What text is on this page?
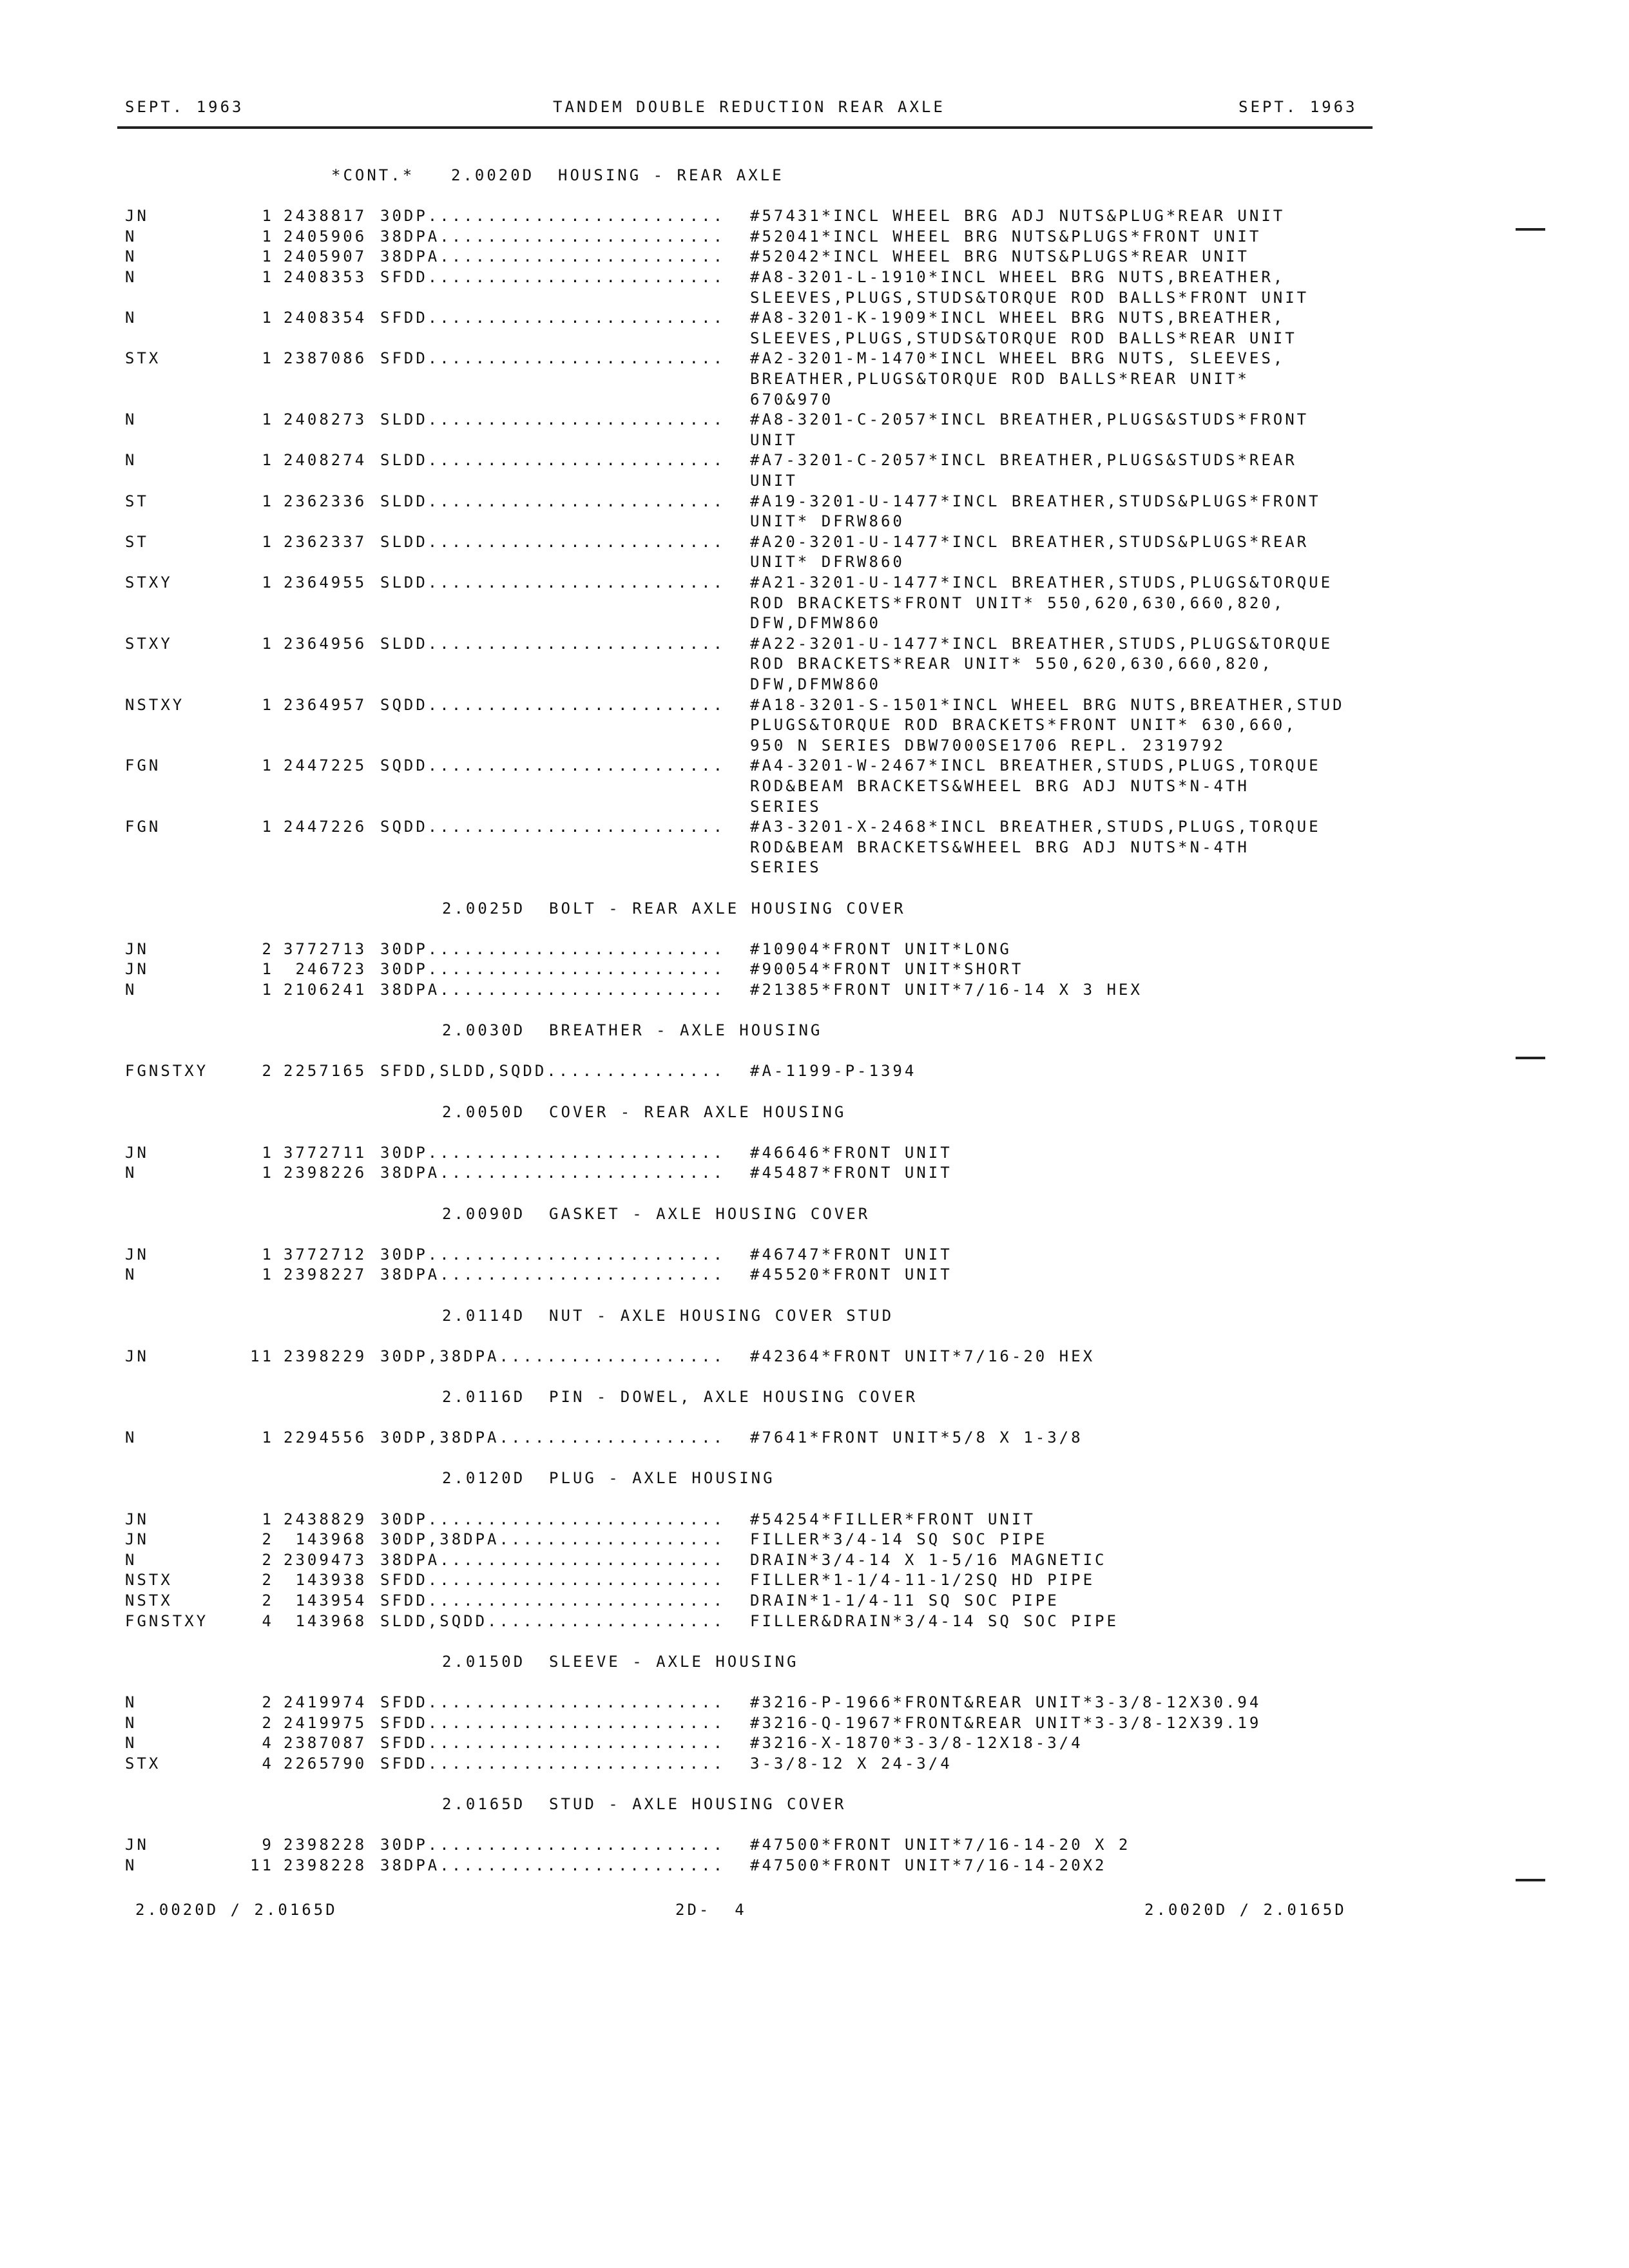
SEPT. 1963	TANDEM DOUBLE REDUCTION REAR AXLE	SEPT. 1963
*CONT.* 2.0020D  HOUSING - REAR AXLE
JN	1 2438817 30DP......................... #57431*INCL WHEEL BRG ADJ NUTS&PLUG*REAR UNIT
N	1 2405906 38DPA........................ #52041*INCL WHEEL BRG NUTS&PLUGS*FRONT UNIT
N	1 2405907 38DPA........................ #52042*INCL WHEEL BRG NUTS&PLUGS*REAR UNIT
N	1 2408353 SFDD......................... #A8-3201-L-1910*INCL WHEEL BRG NUTS,BREATHER,
SLEEVES,PLUGS,STUDS&TORQUE ROD BALLS*FRONT UNIT
N	1 2408354 SFDD......................... #A8-3201-K-1909*INCL WHEEL BRG NUTS,BREATHER,
SLEEVES,PLUGS,STUDS&TORQUE ROD BALLS*REAR UNIT
STX	1 2387086 SFDD......................... #A2-3201-M-1470*INCL WHEEL BRG NUTS, SLEEVES,
BREATHER,PLUGS&TORQUE ROD BALLS*REAR UNIT*
670&970
N	1 2408273 SLDD......................... #A8-3201-C-2057*INCL BREATHER,PLUGS&STUDS*FRONT
UNIT
N	1 2408274 SLDD......................... #A7-3201-C-2057*INCL BREATHER,PLUGS&STUDS*REAR
UNIT
ST	1 2362336 SLDD......................... #A19-3201-U-1477*INCL BREATHER,STUDS&PLUGS*FRONT
UNIT* DFRW860
ST	1 2362337 SLDD......................... #A20-3201-U-1477*INCL BREATHER,STUDS&PLUGS*REAR
UNIT* DFRW860
STXY	1 2364955 SLDD......................... #A21-3201-U-1477*INCL BREATHER,STUDS,PLUGS&TORQUE
ROD BRACKETS*FRONT UNIT* 550,620,630,660,820,
DFW,DFMW860
STXY	1 2364956 SLDD......................... #A22-3201-U-1477*INCL BREATHER,STUDS,PLUGS&TORQUE
ROD BRACKETS*REAR UNIT* 550,620,630,660,820,
DFW,DFMW860
NSTXY	1 2364957 SQDD......................... #A18-3201-S-1501*INCL WHEEL BRG NUTS,BREATHER,STUD
PLUGS&TORQUE ROD BRACKETS*FRONT UNIT* 630,660,
950 N SERIES DBW7000SE1706 REPL. 2319792
FGN	1 2447225 SQDD......................... #A4-3201-W-2467*INCL BREATHER,STUDS,PLUGS,TORQUE
ROD&BEAM BRACKETS&WHEEL BRG ADJ NUTS*N-4TH
SERIES
FGN	1 2447226 SQDD......................... #A3-3201-X-2468*INCL BREATHER,STUDS,PLUGS,TORQUE
ROD&BEAM BRACKETS&WHEEL BRG ADJ NUTS*N-4TH
SERIES
2.0025D  BOLT - REAR AXLE HOUSING COVER
JN	2 3772713 30DP......................... #10904*FRONT UNIT*LONG
JN	1 246723 30DP......................... #90054*FRONT UNIT*SHORT
N	1 2106241 38DPA........................ #21385*FRONT UNIT*7/16-14 X 3 HEX
2.0030D  BREATHER - AXLE HOUSING
FGNSTXY	2 2257165 SFDD,SLDD,SQDD............... #A-1199-P-1394
2.0050D  COVER - REAR AXLE HOUSING
JN	1 3772711 30DP......................... #46646*FRONT UNIT
N	1 2398226 38DPA........................ #45487*FRONT UNIT
2.0090D  GASKET - AXLE HOUSING COVER
JN	1 3772712 30DP......................... #46747*FRONT UNIT
N	1 2398227 38DPA........................ #45520*FRONT UNIT
2.0114D  NUT - AXLE HOUSING COVER STUD
JN	11 2398229 30DP,38DPA................... #42364*FRONT UNIT*7/16-20 HEX
2.0116D  PIN - DOWEL, AXLE HOUSING COVER
N	1 2294556 30DP,38DPA................... #7641*FRONT UNIT*5/8 X 1-3/8
2.0120D  PLUG - AXLE HOUSING
JN	1 2438829 30DP......................... #54254*FILLER*FRONT UNIT
JN	2 143968 30DP,38DPA................... FILLER*3/4-14 SQ SOC PIPE
N	2 2309473 38DPA........................ DRAIN*3/4-14 X 1-5/16 MAGNETIC
NSTX	2 143938 SFDD......................... FILLER*1-1/4-11-1/2SQ HD PIPE
NSTX	2 143954 SFDD......................... DRAIN*1-1/4-11 SQ SOC PIPE
FGNSTXY	4 143968 SLDD,SQDD.................... FILLER&DRAIN*3/4-14 SQ SOC PIPE
2.0150D  SLEEVE - AXLE HOUSING
N	2 2419974 SFDD......................... #3216-P-1966*FRONT&REAR UNIT*3-3/8-12X30.94
N	2 2419975 SFDD......................... #3216-Q-1967*FRONT&REAR UNIT*3-3/8-12X39.19
N	4 2387087 SFDD......................... #3216-X-1870*3-3/8-12X18-3/4
STX	4 2265790 SFDD......................... 3-3/8-12 X 24-3/4
2.0165D  STUD - AXLE HOUSING COVER
JN	9 2398228 30DP......................... #47500*FRONT UNIT*7/16-14-20 X 2
N	11 2398228 38DPA........................ #47500*FRONT UNIT*7/16-14-20X2
2.0020D / 2.0165D	2D-  4	2.0020D / 2.0165D
